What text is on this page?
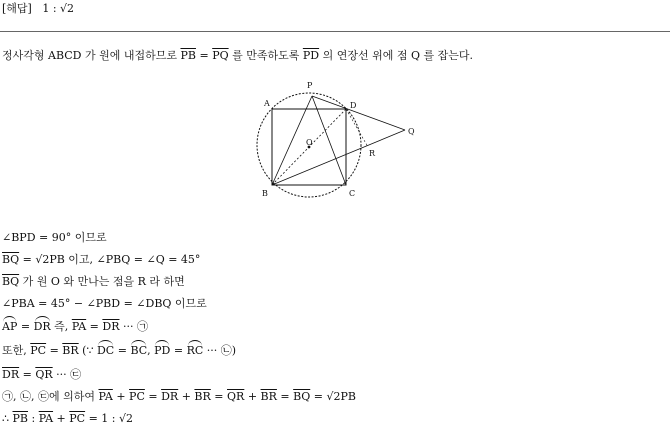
[해답] 1 : √2
정사각형 ABCD 가 원에 내접하므로 $\overline{PB} = \overline{PQ}$ 를 만족하도록 $\overline{PD}$ 의 연장선 위에 점 Q 를 잡는다.
P
A	D
O
Q
R
B	C
∠BPD = 90° 이므로
$\overline{BQ} = √2PB$ 이고, ∠PBQ = ∠Q = 45°
$\overline{BQ}$ 가 원 O 와 만나는 점을 R 라 하면
∠PBA = 45° − ∠PBD = ∠DBQ 이므로
AP = DR 즉, $\overline{PA} = \overline{DR}$ ··· ㉠
또한, $\overline{PC} = \overline{BR}$ (∵ DC = BC, PD = RC ··· ㉡)
$\overline{DR} = \overline{QR}$ ··· ㉢
㉠, ㉡, ㉢에 의하여 $\overline{PA} + \overline{PC} = \overline{DR} + \overline{BR} = \overline{QR} + \overline{BR} = \overline{BQ} = √2PB$
∴ $\overline{PB}$ : $\overline{PA} + \overline{PC} = 1$ : √2
